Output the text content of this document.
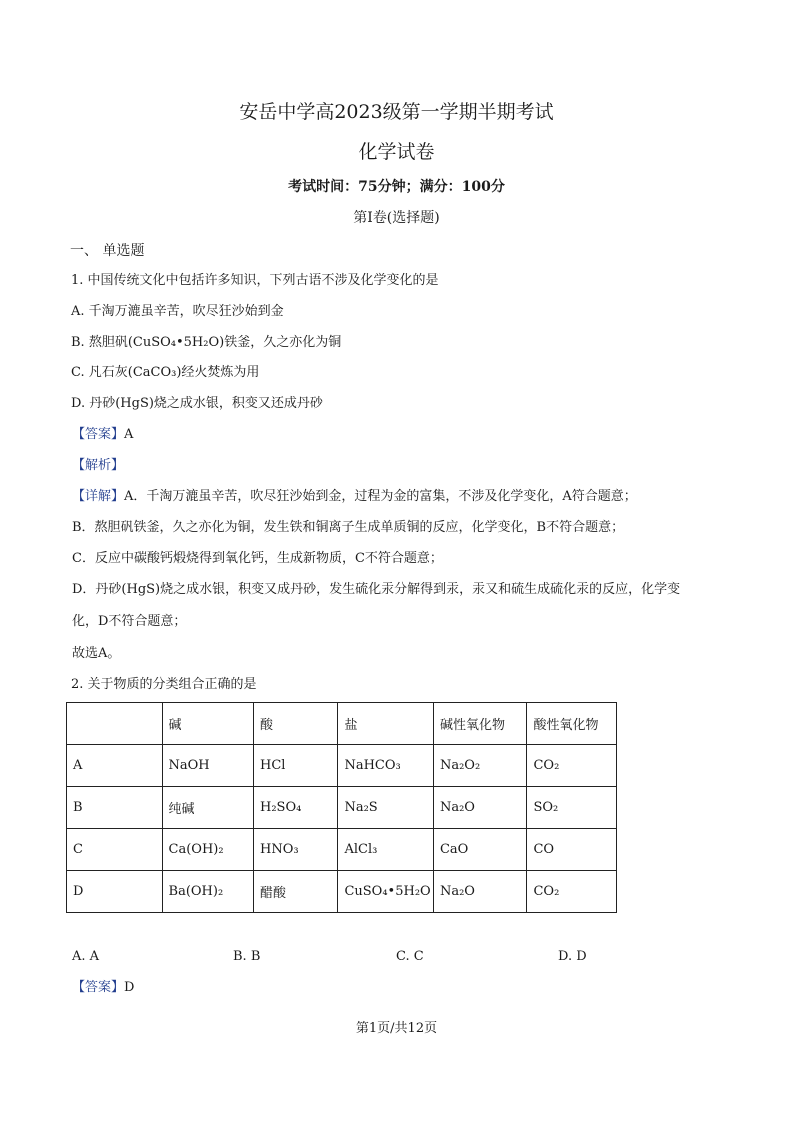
安岳中学高2023级第一学期半期考试
化学试卷
考试时间：75分钟；满分：100分
第I卷(选择题)
一、 单选题
1. 中国传统文化中包括许多知识，下列古语不涉及化学变化的是
A. 千淘万漉虽辛苦，吹尽狂沙始到金
B. 熬胆矾(CuSO₄•5H₂O)铁釜，久之亦化为铜
C. 凡石灰(CaCO₃)经火焚炼为用
D. 丹砂(HgS)烧之成水银，积变又还成丹砂
【答案】A
【解析】
【详解】A．千淘万漉虽辛苦，吹尽狂沙始到金，过程为金的富集，不涉及化学变化，A符合题意；
B．熬胆矾铁釜，久之亦化为铜，发生铁和铜离子生成单质铜的反应，化学变化，B不符合题意；
C．反应中碳酸钙煅烧得到氧化钙，生成新物质，C不符合题意；
D．丹砂(HgS)烧之成水银，积变又成丹砂，发生硫化汞分解得到汞，汞又和硫生成硫化汞的反应，化学变
化，D不符合题意；
故选A。
2. 关于物质的分类组合正确的是
	碱	酸	盐	碱性氧化物	酸性氧化物
A	NaOH	HCl	NaHCO₃	Na₂O₂	CO₂
B	纯碱	H₂SO₄	Na₂S	Na₂O	SO₂
C	Ca(OH)₂	HNO₃	AlCl₃	CaO	CO
D	Ba(OH)₂	醋酸	CuSO₄•5H₂O	Na₂O	CO₂
A. A	B. B	C. C	D. D
【答案】D
第1页/共12页
